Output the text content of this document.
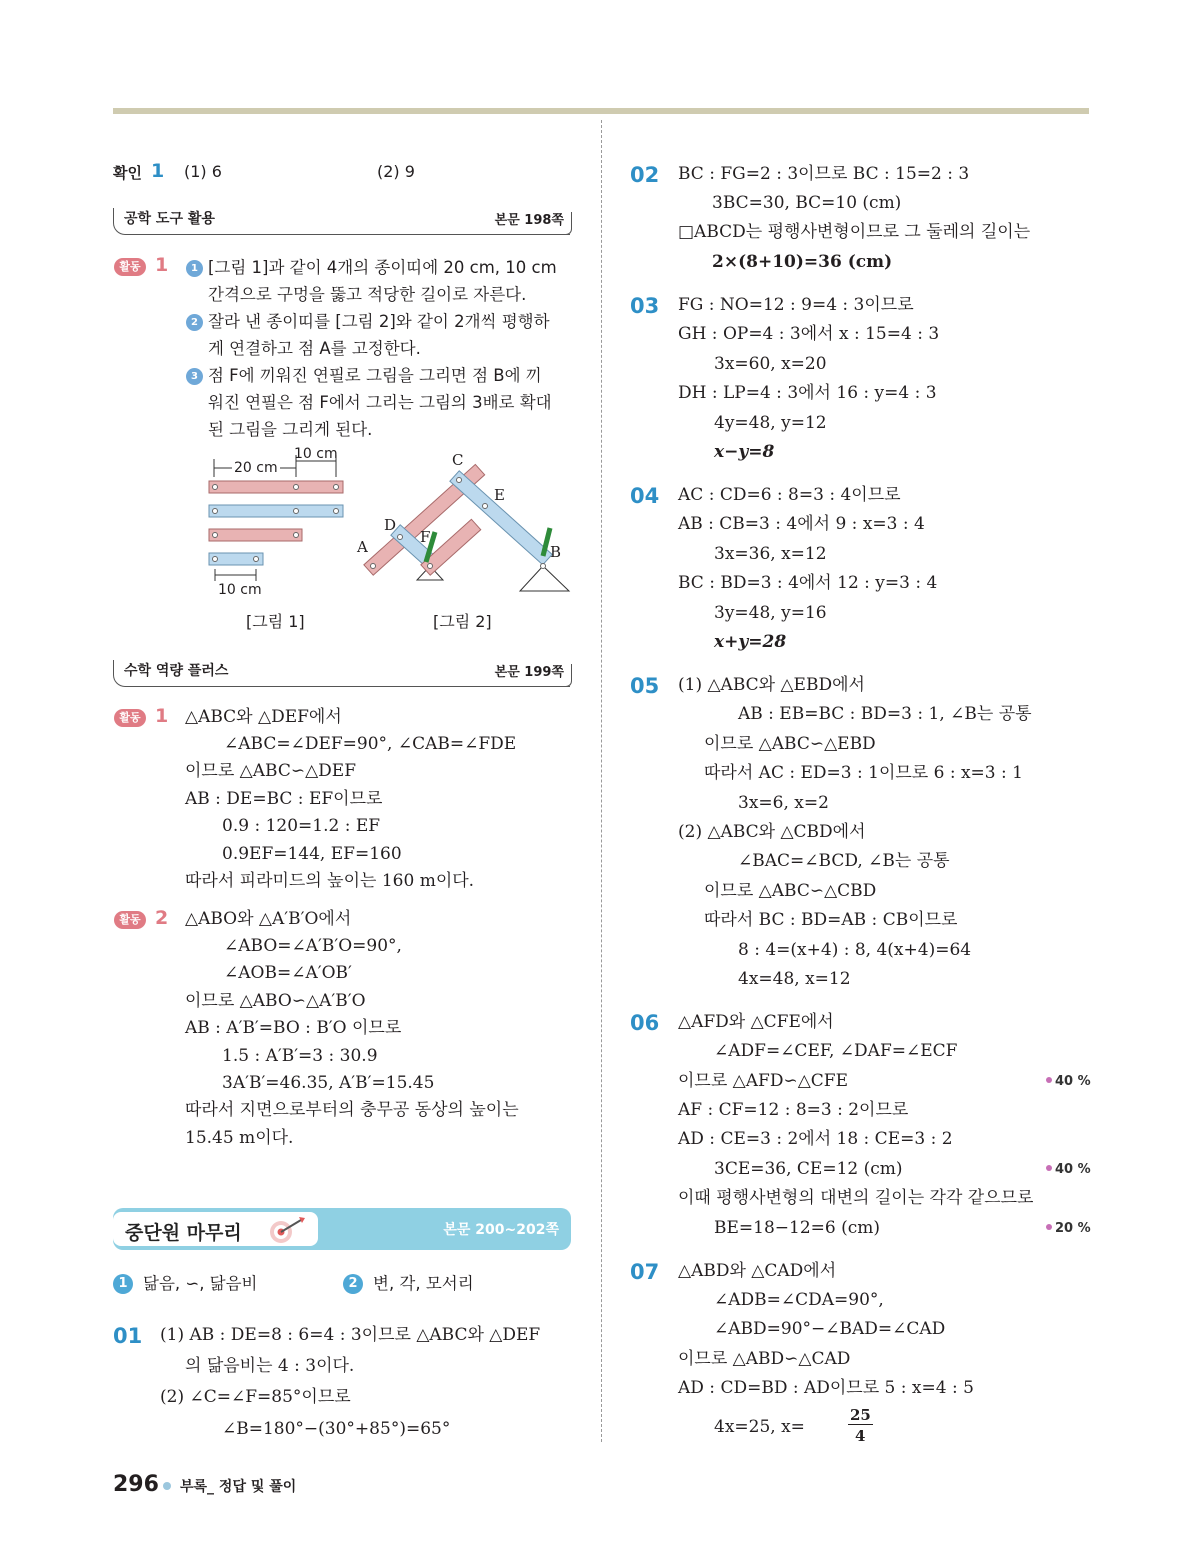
확인 1 (1) 6	(2) 9
공학 도구 활용	본문 198쪽
활동 1	1
2
3
[그림 1]과 같이 4개의 종이띠에 20 cm, 10 cm
간격으로 구멍을 뚫고 적당한 길이로 자른다.
잘라 낸 종이띠를 [그림 2]와 같이 2개씩 평행하
게 연결하고 점 A를 고정한다.
점 F에 끼워진 연필로 그림을 그리면 점 B에 끼
워진 연필은 점 F에서 그리는 그림의 3배로 확대
된 그림을 그리게 된다.
20 cm
10 cm
10 cm
[그림 1]
A
D
F
C
E
B
[그림 2]
수학 역량 플러스	본문 199쪽
활동 1 △ABC와 △DEF에서
∠ABC=∠DEF=90°, ∠CAB=∠FDE
이므로 △ABC∽△DEF
AB : DE=BC : EF이므로
0.9 : 120=1.2 : EF
0.9EF=144, EF=160
따라서 피라미드의 높이는 160 m이다.
활동 2 △ABO와 △A′B′O에서
∠ABO=∠A′B′O=90°,
∠AOB=∠A′OB′
이므로 △ABO∽△A′B′O
AB : A′B′=BO : B′O 이므로
1.5 : A′B′=3 : 30.9
3A′B′=46.35, A′B′=15.45
따라서 지면으로부터의 충무공 동상의 높이는
15.45 m이다.
중단원 마무리	본문 200~202쪽
1 닮음, ∽, 닮음비	2 변, 각, 모서리
01 (1) AB : DE=8 : 6=4 : 3이므로 △ABC와 △DEF
의 닮음비는 4 : 3이다.
(2) ∠C=∠F=85°이므로
∠B=180°−(30°+85°)=65°
02 BC : FG=2 : 3이므로 BC : 15=2 : 3
3BC=30, BC=10 (cm)
□ABCD는 평행사변형이므로 그 둘레의 길이는
2×(8+10)=36 (cm)
03 FG : NO=12 : 9=4 : 3이므로
GH : OP=4 : 3에서 x : 15=4 : 3
3x=60, x=20
DH : LP=4 : 3에서 16 : y=4 : 3
4y=48, y=12
x−y=8
04 AC : CD=6 : 8=3 : 4이므로
AB : CB=3 : 4에서 9 : x=3 : 4
3x=36, x=12
BC : BD=3 : 4에서 12 : y=3 : 4
3y=48, y=16
x+y=28
05 (1) △ABC와 △EBD에서
AB : EB=BC : BD=3 : 1, ∠B는 공통
이므로 △ABC∽△EBD
따라서 AC : ED=3 : 1이므로 6 : x=3 : 1
3x=6, x=2
(2) △ABC와 △CBD에서
∠BAC=∠BCD, ∠B는 공통
이므로 △ABC∽△CBD
따라서 BC : BD=AB : CB이므로
8 : 4=(x+4) : 8, 4(x+4)=64
4x=48, x=12
06 △AFD와 △CFE에서
∠ADF=∠CEF, ∠DAF=∠ECF
이므로 △AFD∽△CFE
AF : CF=12 : 8=3 : 2이므로
AD : CE=3 : 2에서 18 : CE=3 : 2
3CE=36, CE=12 (cm)
이때 평행사변형의 대변의 길이는 각각 같으므로
BE=18−12=6 (cm)
40 %
40 %
20 %
07 △ABD와 △CAD에서
∠ADB=∠CDA=90°,
∠ABD=90°−∠BAD=∠CAD
이므로 △ABD∽△CAD
AD : CD=BD : AD이므로 5 : x=4 : 5
4x=25, x=
25
4
296 부록_ 정답 및 풀이
